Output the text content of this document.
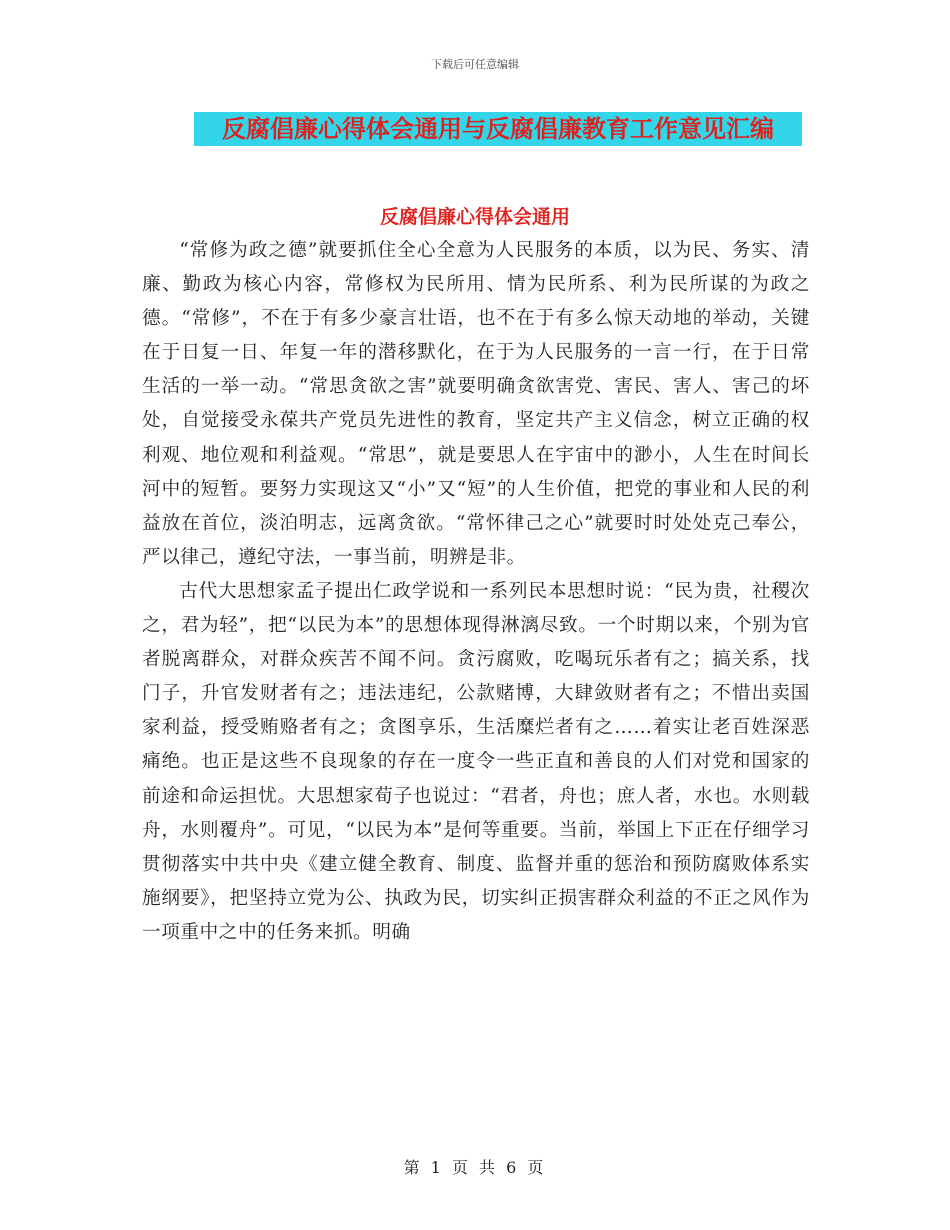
下载后可任意编辑
反腐倡廉心得体会通用与反腐倡廉教育工作意见汇编
反腐倡廉心得体会通用

“常修为政之德”就要抓住全心全意为人民服务的本质，以为民、务实、清廉、勤政为核心内容，常修权为民所用、情为民所系、利为民所谋的为政之德。“常修”，不在于有多少豪言壮语，也不在于有多么惊天动地的举动，关键在于日复一日、年复一年的潜移默化，在于为人民服务的一言一行，在于日常生活的一举一动。“常思贪欲之害”就要明确贪欲害党、害民、害人、害己的坏处，自觉接受永葆共产党员先进性的教育，坚定共产主义信念，树立正确的权利观、地位观和利益观。“常思”，就是要思人在宇宙中的渺小，人生在时间长河中的短暂。要努力实现这又“小”又“短”的人生价值，把党的事业和人民的利益放在首位，淡泊明志，远离贪欲。“常怀律己之心”就要时时处处克己奉公，严以律己，遵纪守法，一事当前，明辨是非。

古代大思想家孟子提出仁政学说和一系列民本思想时说：“民为贵，社稷次之，君为轻”，把“以民为本”的思想体现得淋漓尽致。一个时期以来，个别为官者脱离群众，对群众疾苦不闻不问。贪污腐败，吃喝玩乐者有之；搞关系，找门子，升官发财者有之；违法违纪，公款赌博，大肆敛财者有之；不惜出卖国家利益，授受贿赂者有之；贪图享乐，生活糜烂者有之……着实让老百姓深恶痛绝。也正是这些不良现象的存在一度令一些正直和善良的人们对党和国家的前途和命运担忧。大思想家荀子也说过：“君者，舟也；庶人者，水也。水则载舟，水则覆舟”。可见，“以民为本”是何等重要。当前，举国上下正在仔细学习贯彻落实中共中央《建立健全教育、制度、监督并重的惩治和预防腐败体系实施纲要》，把坚持立党为公、执政为民，切实纠正损害群众利益的不正之风作为一项重中之中的任务来抓。明确

第 1 页 共 6 页
